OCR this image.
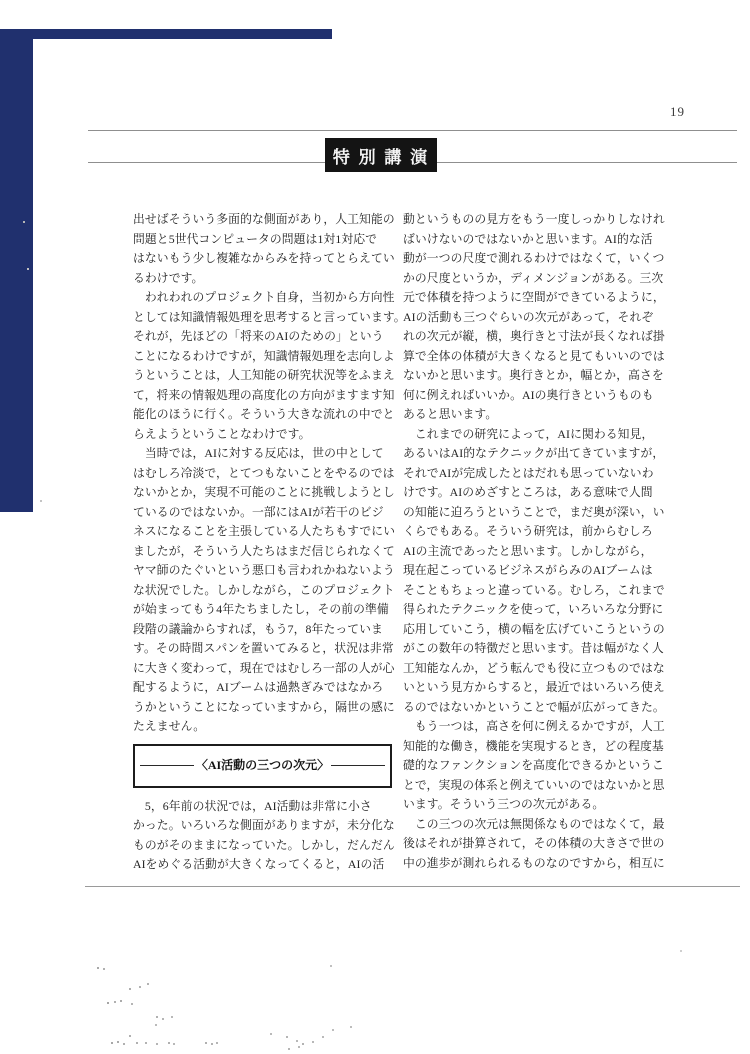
19
特 別 講 演
出せばそういう多面的な側面があり，人工知能の
問題と5世代コンピュータの問題は1対1対応で
はないもう少し複雑なからみを持ってとらえてい
るわけです。
　われわれのプロジェクト自身，当初から方向性
としては知識情報処理を思考すると言っています。
それが，先ほどの「将来のAIのための」という
ことになるわけですが，知識情報処理を志向しよ
うということは，人工知能の研究状況等をふまえ
て，将来の情報処理の高度化の方向がますます知
能化のほうに行く。そういう大きな流れの中でと
らえようということなわけです。
　当時では，AIに対する反応は，世の中として
はむしろ冷淡で，とてつもないことをやるのでは
ないかとか，実現不可能のことに挑戦しようとし
ているのではないか。一部にはAIが若干のビジ
ネスになることを主張している人たちもすでにい
ましたが，そういう人たちはまだ信じられなくて
ヤマ師のたぐいという悪口も言われかねないよう
な状況でした。しかしながら，このプロジェクト
が始まってもう4年たちましたし，その前の準備
段階の議論からすれば，もう7，8年たっていま
す。その時間スパンを置いてみると，状況は非常
に大きく変わって，現在ではむしろ一部の人が心
配するように，AIブームは過熱ぎみではなかろ
うかということになっていますから，隔世の感に
たえません。
〈AI活動の三つの次元〉
　5，6年前の状況では，AI活動は非常に小さ
かった。いろいろな側面がありますが，未分化な
ものがそのままになっていた。しかし，だんだん
AIをめぐる活動が大きくなってくると，AIの活
動というものの見方をもう一度しっかりしなけれ
ばいけないのではないかと思います。AI的な活
動が一つの尺度で測れるわけではなくて，いくつ
かの尺度というか，ディメンジョンがある。三次
元で体積を持つように空間ができているように，
AIの活動も三つぐらいの次元があって，それぞ
れの次元が縦，横，奥行きと寸法が長くなれば掛
算で全体の体積が大きくなると見てもいいのでは
ないかと思います。奥行きとか，幅とか，高さを
何に例えればいいか。AIの奥行きというものも
あると思います。
　これまでの研究によって，AIに関わる知見，
あるいはAI的なテクニックが出てきていますが，
それでAIが完成したとはだれも思っていないわ
けです。AIのめざすところは，ある意味で人間
の知能に迫ろうということで，まだ奥が深い，い
くらでもある。そういう研究は，前からむしろ
AIの主流であったと思います。しかしながら，
現在起こっているビジネスがらみのAIブームは
そこともちょっと違っている。むしろ，これまで
得られたテクニックを使って，いろいろな分野に
応用していこう，横の幅を広げていこうというの
がこの数年の特徴だと思います。昔は幅がなく人
工知能なんか，どう転んでも役に立つものではな
いという見方からすると，最近ではいろいろ使え
るのではないかということで幅が広がってきた。
　もう一つは，高さを何に例えるかですが，人工
知能的な働き，機能を実現するとき，どの程度基
礎的なファンクションを高度化できるかというこ
とで，実現の体系と例えていいのではないかと思
います。そういう三つの次元がある。
　この三つの次元は無関係なものではなくて，最
後はそれが掛算されて，その体積の大きさで世の
中の進歩が測れられるものなのですから，相互に
